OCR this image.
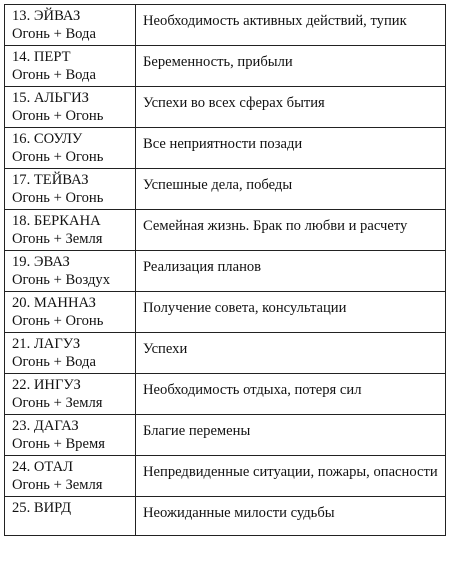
13. ЭЙВАЗ
Огонь + Вода	Необходимость активных действий, тупик

14. ПЕРТ
Огонь + Вода	Беременность, прибыли

15. АЛЬГИЗ
Огонь + Огонь	Успехи во всех сферах бытия

16. СОУЛУ
Огонь + Огонь	Все неприятности позади

17. ТЕЙВАЗ
Огонь + Огонь	Успешные дела, победы

18. БЕРКАНА
Огонь + Земля	Семейная жизнь. Брак по любви и расчету

19. ЭВАЗ
Огонь + Воздух	Реализация планов

20. МАННАЗ
Огонь + Огонь	Получение совета, консультации

21. ЛАГУЗ
Огонь + Вода	Успехи

22. ИНГУЗ
Огонь + Земля	Необходимость отдыха, потеря сил

23. ДАГАЗ
Огонь + Время	Благие перемены

24. ОТАЛ
Огонь + Земля	Непредвиденные ситуации, пожары, опасности

25. ВИРД	Неожиданные милости судьбы
